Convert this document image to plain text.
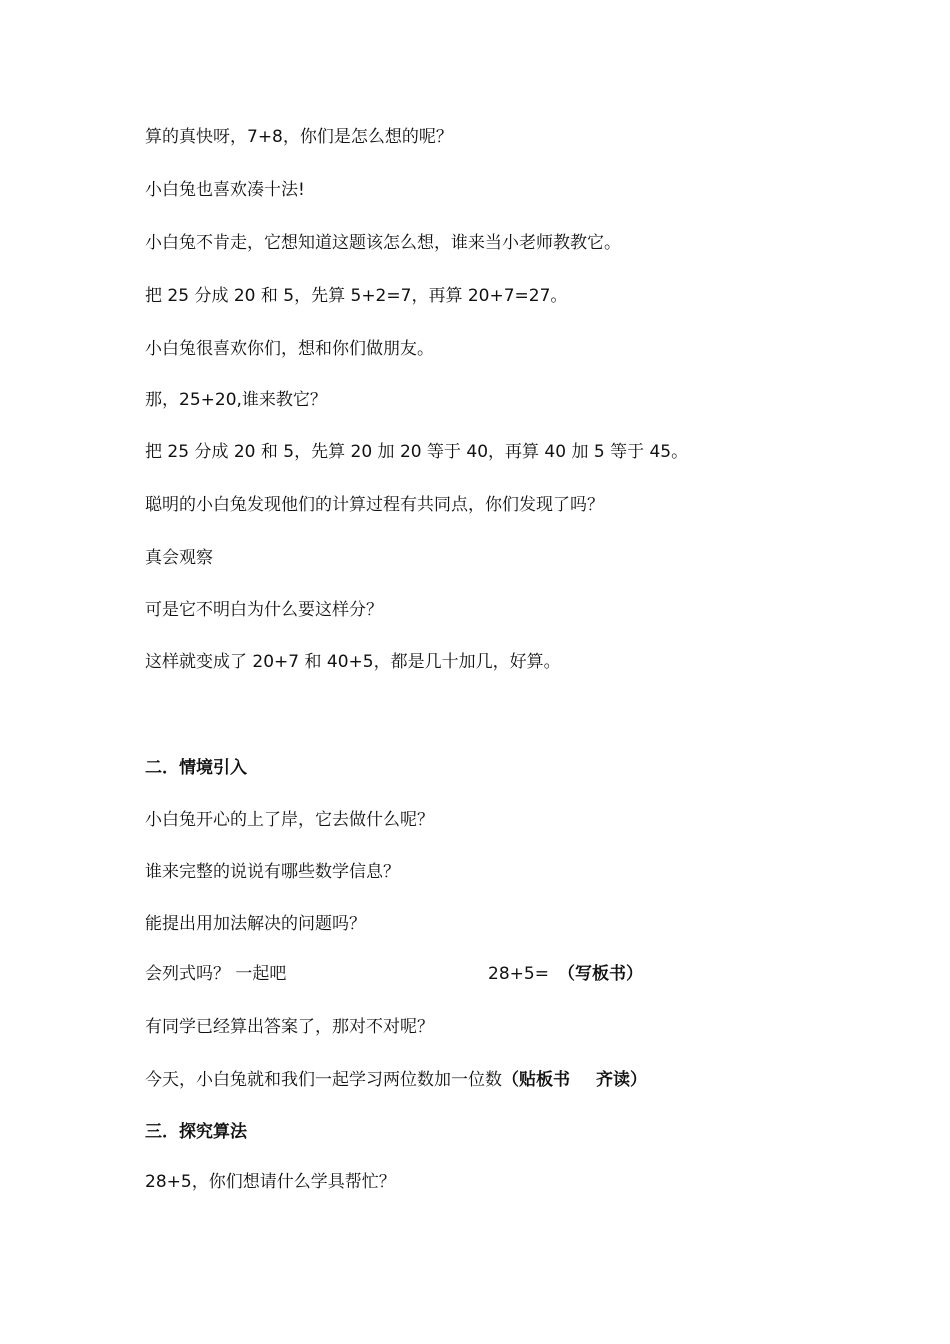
算的真快呀，7+8，你们是怎么想的呢？
小白兔也喜欢凑十法!
小白兔不肯走，它想知道这题该怎么想，谁来当小老师教教它。
把 25 分成 20 和 5，先算 5+2=7，再算 20+7=27。
小白兔很喜欢你们，想和你们做朋友。
那，25+20,谁来教它？
把 25 分成 20 和 5，先算 20 加 20 等于 40，再算 40 加 5 等于 45。
聪明的小白兔发现他们的计算过程有共同点，你们发现了吗？
真会观察
可是它不明白为什么要这样分？
这样就变成了 20+7 和 40+5，都是几十加几，好算。
二．情境引入
小白兔开心的上了岸，它去做什么呢？
谁来完整的说说有哪些数学信息？
能提出用加法解决的问题吗？
会列式吗？ 一起吧	28+5= （写板书）
有同学已经算出答案了，那对不对呢？
今天，小白兔就和我们一起学习两位数加一位数（贴板书 齐读）
三．探究算法
28+5，你们想请什么学具帮忙？
